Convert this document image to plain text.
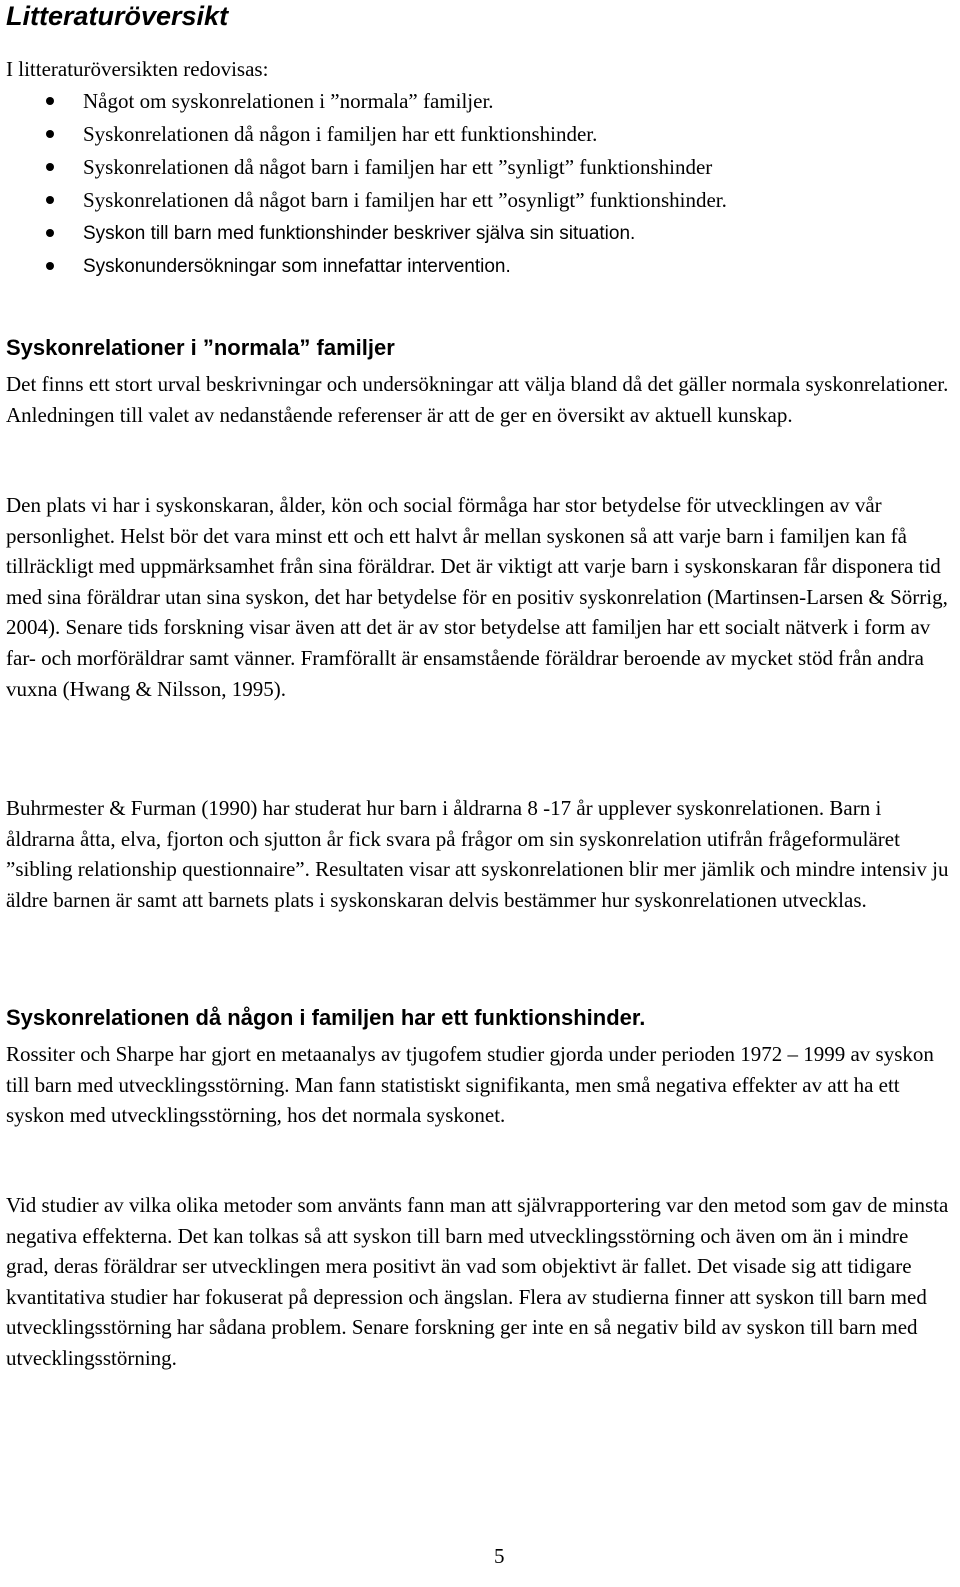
Litteraturöversikt

I litteraturöversikten redovisas:

Något om syskonrelationen i ”normala” familjer.
Syskonrelationen då någon i familjen har ett funktionshinder.
Syskonrelationen då något barn i familjen har ett ”synligt” funktionshinder
Syskonrelationen då något barn i familjen har ett ”osynligt” funktionshinder.
Syskon till barn med funktionshinder beskriver själva sin situation.
Syskonundersökningar som innefattar intervention.
Syskonrelationer i ”normala” familjer

Det finns ett stort urval beskrivningar och undersökningar att välja bland då det gäller normala syskonrelationer. Anledningen till valet av nedanstående referenser är att de ger en översikt av aktuell kunskap.

Den plats vi har i syskonskaran, ålder, kön och social förmåga har stor betydelse för utvecklingen av vår personlighet. Helst bör det vara minst ett och ett halvt år mellan syskonen så att varje barn i familjen kan få tillräckligt med uppmärksamhet från sina föräldrar. Det är viktigt att varje barn i syskonskaran får disponera tid med sina föräldrar utan sina syskon, det har betydelse för en positiv syskonrelation (Martinsen-Larsen & Sörrig, 2004). Senare tids forskning visar även att det är av stor betydelse att familjen har ett socialt nätverk i form av far- och morföräldrar samt vänner. Framförallt är ensamstående föräldrar beroende av mycket stöd från andra vuxna (Hwang & Nilsson, 1995).

Buhrmester & Furman (1990) har studerat hur barn i åldrarna 8 -17 år upplever syskonrelationen. Barn i åldrarna åtta, elva, fjorton och sjutton år fick svara på frågor om sin syskonrelation utifrån frågeformuläret ”sibling relationship questionnaire”. Resultaten visar att syskonrelationen blir mer jämlik och mindre intensiv ju äldre barnen är samt att barnets plats i syskonskaran delvis bestämmer hur syskonrelationen utvecklas.

Syskonrelationen då någon i familjen har ett funktionshinder.

Rossiter och Sharpe har gjort en metaanalys av tjugofem studier gjorda under perioden 1972 – 1999 av syskon till barn med utvecklingsstörning. Man fann statistiskt signifikanta, men små negativa effekter av att ha ett syskon med utvecklingsstörning, hos det normala syskonet.

Vid studier av vilka olika metoder som använts fann man att självrapportering var den metod som gav de minsta negativa effekterna. Det kan tolkas så att syskon till barn med utvecklingsstörning och även om än i mindre grad, deras föräldrar ser utvecklingen mera positivt än vad som objektivt är fallet. Det visade sig att tidigare kvantitativa studier har fokuserat på depression och ängslan. Flera av studierna finner att syskon till barn med utvecklingsstörning har sådana problem. Senare forskning ger inte en så negativ bild av syskon till barn med utvecklingsstörning.

5
